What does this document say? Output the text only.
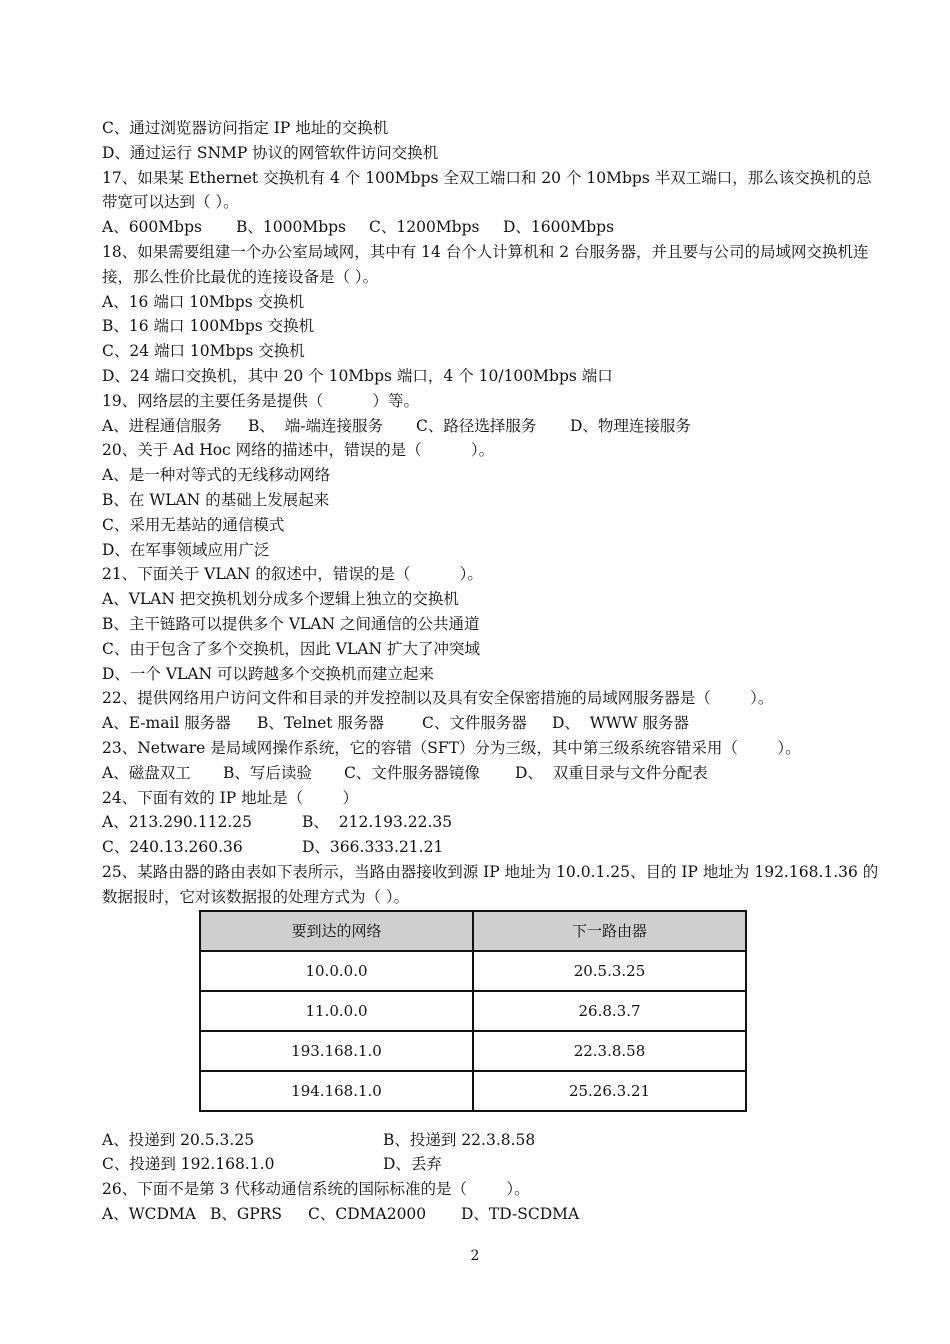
C、通过浏览器访问指定 IP 地址的交换机
D、通过运行 SNMP 协议的网管软件访问交换机
17、如果某 Ethernet 交换机有 4 个 100Mbps 全双工端口和 20 个 10Mbps 半双工端口，那么该交换机的总带宽可以达到（ ）。
A、600Mbps	B、1000Mbps	C、1200Mbps	D、1600Mbps
18、如果需要组建一个办公室局域网，其中有 14 台个人计算机和 2 台服务器，并且要与公司的局域网交换机连接，那么性价比最优的连接设备是（ ）。
A、16 端口 10Mbps 交换机
B、16 端口 100Mbps 交换机
C、24 端口 10Mbps 交换机
D、24 端口交换机，其中 20 个 10Mbps 端口，4 个 10/100Mbps 端口
19、网络层的主要任务是提供（          ）等。
A、进程通信服务	B、  端-端连接服务	C、路径选择服务	D、物理连接服务
20、关于 Ad Hoc 网络的描述中，错误的是（          ）。
A、是一种对等式的无线移动网络
B、在 WLAN 的基础上发展起来
C、采用无基站的通信模式
D、在军事领域应用广泛
21、下面关于 VLAN 的叙述中，错误的是（          ）。
A、VLAN 把交换机划分成多个逻辑上独立的交换机
B、主干链路可以提供多个 VLAN 之间通信的公共通道
C、由于包含了多个交换机，因此 VLAN 扩大了冲突域
D、一个 VLAN 可以跨越多个交换机而建立起来
22、提供网络用户访问文件和目录的并发控制以及具有安全保密措施的局域网服务器是（        ）。
A、E-mail 服务器	B、Telnet 服务器	C、文件服务器	D、  WWW 服务器
23、Netware 是局域网操作系统，它的容错（SFT）分为三级，其中第三级系统容错采用（        ）。
A、磁盘双工	B、写后读验	C、文件服务器镜像	D、  双重目录与文件分配表
24、下面有效的 IP 地址是（        ）
A、213.290.112.25	B、  212.193.22.35
C、240.13.260.36	D、366.333.21.21
25、某路由器的路由表如下表所示，当路由器接收到源 IP 地址为 10.0.1.25、目的 IP 地址为 192.168.1.36 的数据报时，它对该数据报的处理方式为（ ）。
要到达的网络	下一路由器
10.0.0.0	20.5.3.25
11.0.0.0	26.8.3.7
193.168.1.0	22.3.8.58
194.168.1.0	25.26.3.21
A、投递到 20.5.3.25	B、投递到 22.3.8.58
C、投递到 192.168.1.0	D、丢弃
26、下面不是第 3 代移动通信系统的国际标准的是（        ）。
A、WCDMA B、GPRS	C、CDMA2000	D、TD-SCDMA
2
